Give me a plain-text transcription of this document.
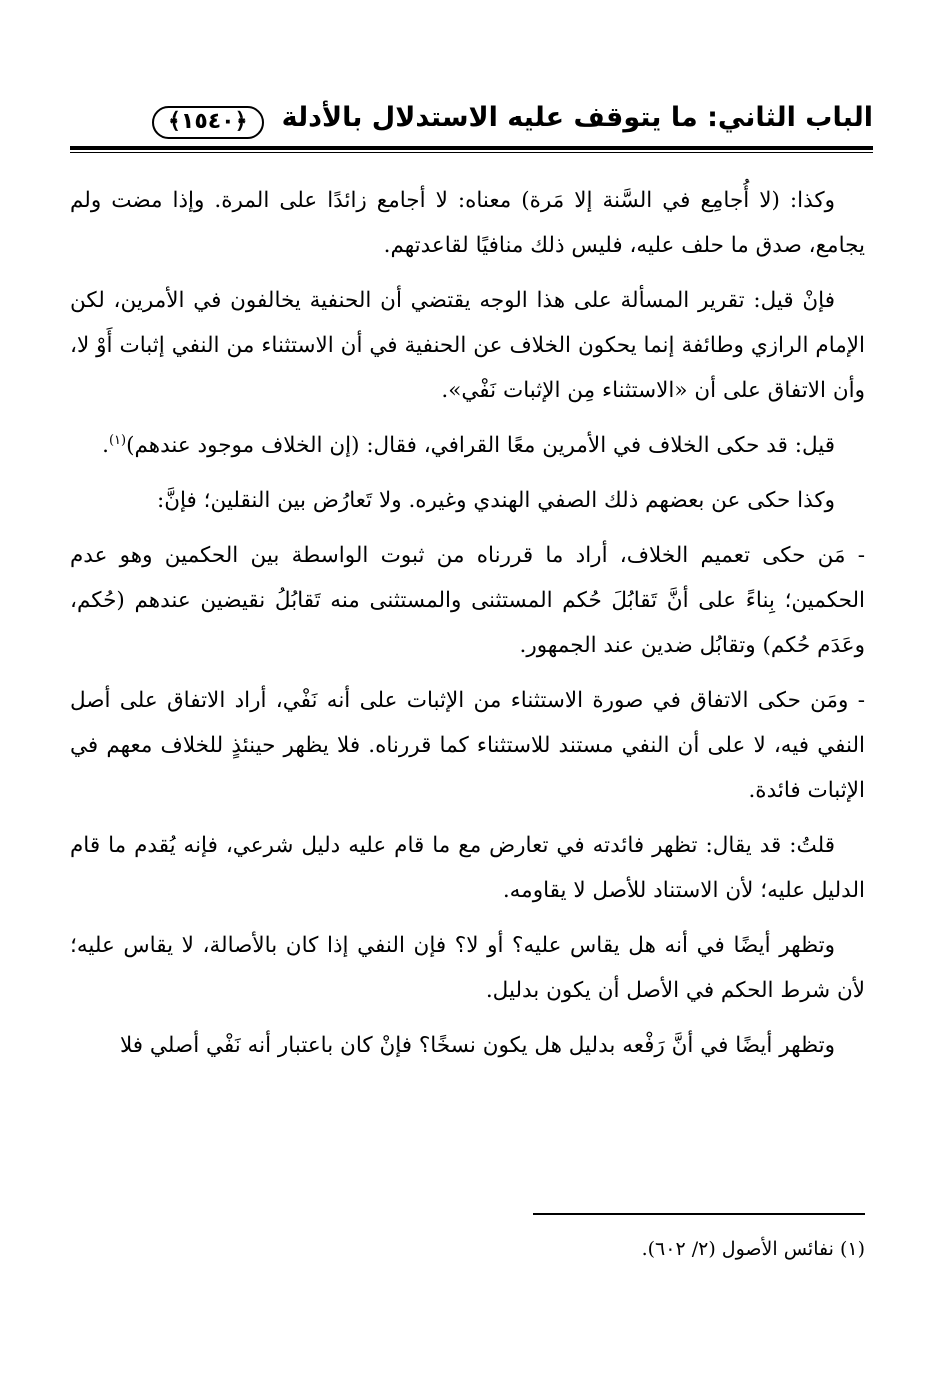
الباب الثاني: ما يتوقف عليه الاستدلال بالأدلة
﴿١٥٤٠﴾

وكذا: (لا أُجامِع في السَّنة إلا مَرة) معناه: لا أجامع زائدًا على المرة. وإذا مضت ولم يجامع، صدق ما حلف عليه، فليس ذلك منافيًا لقاعدتهم.

فإنْ قيل: تقرير المسألة على هذا الوجه يقتضي أن الحنفية يخالفون في الأمرين، لكن الإمام الرازي وطائفة إنما يحكون الخلاف عن الحنفية في أن الاستثناء من النفي إثبات أَوْ لا، وأن الاتفاق على أن «الاستثناء مِن الإثبات نَفْي».

قيل: قد حكى الخلاف في الأمرين معًا القرافي، فقال: (إن الخلاف موجود عندهم)$^{(١)}$.

وكذا حكى عن بعضهم ذلك الصفي الهندي وغيره. ولا تَعارُض بين النقلين؛ فإنَّ:

- مَن حكى تعميم الخلاف، أراد ما قررناه من ثبوت الواسطة بين الحكمين وهو عدم الحكمين؛ بِناءً على أنَّ تَقابُلَ حُكم المستثنى والمستثنى منه تَقابُلُ نقيضين عندهم (حُكم، وعَدَم حُكم) وتقابُل ضدين عند الجمهور.

- ومَن حكى الاتفاق في صورة الاستثناء من الإثبات على أنه نَفْي، أراد الاتفاق على أصل النفي فيه، لا على أن النفي مستند للاستثناء كما قررناه. فلا يظهر حينئذٍ للخلاف معهم في الإثبات فائدة.

قلتُ: قد يقال: تظهر فائدته في تعارض مع ما قام عليه دليل شرعي، فإنه يُقدم ما قام الدليل عليه؛ لأن الاستناد للأصل لا يقاومه.

وتظهر أيضًا في أنه هل يقاس عليه؟ أو لا؟ فإن النفي إذا كان بالأصالة، لا يقاس عليه؛ لأن شرط الحكم في الأصل أن يكون بدليل.

وتظهر أيضًا في أنَّ رَفْعه بدليل هل يكون نسخًا؟ فإنْ كان باعتبار أنه نَفْي أصلي فلا

(١) نفائس الأصول (٢/ ٦٠٢).
